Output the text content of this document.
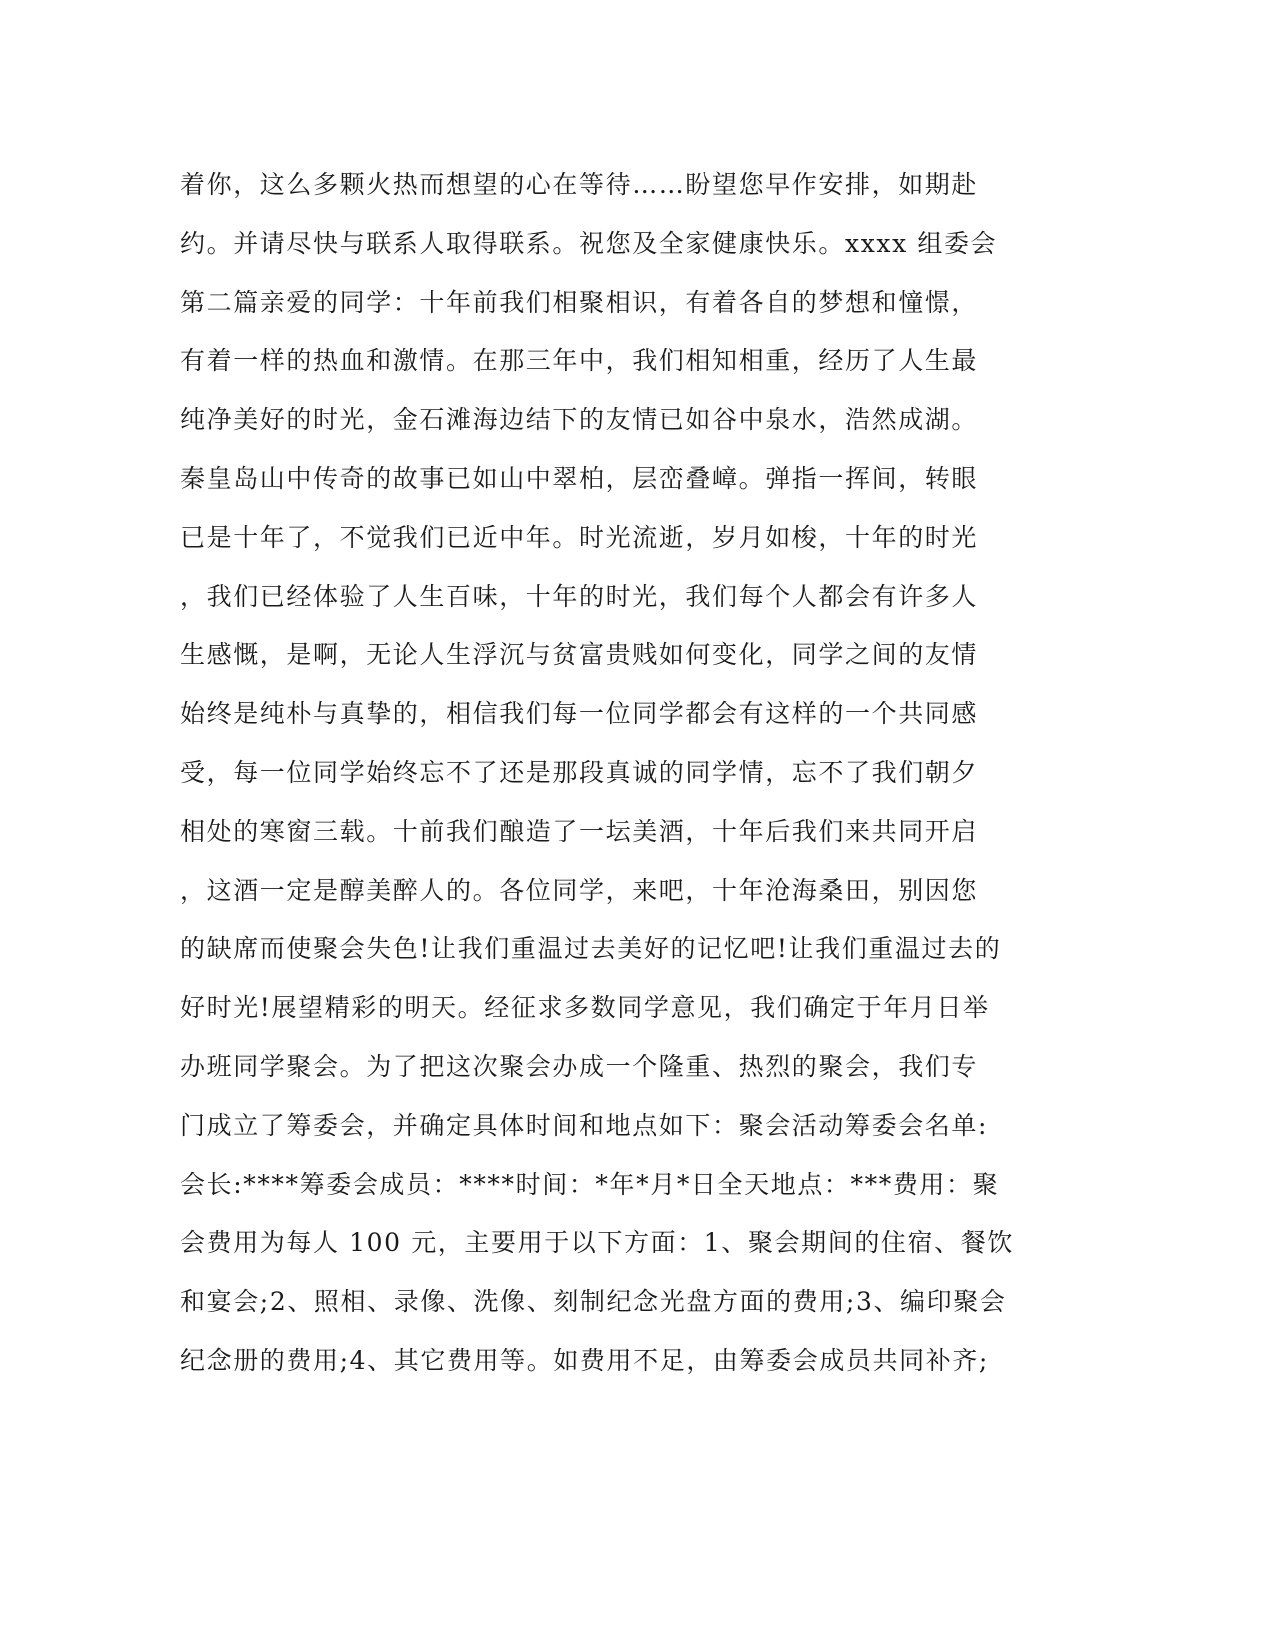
着你，这么多颗火热而想望的心在等待……盼望您早作安排，如期赴
约。并请尽快与联系人取得联系。祝您及全家健康快乐。xxxx 组委会
第二篇亲爱的同学：十年前我们相聚相识，有着各自的梦想和憧憬，
有着一样的热血和激情。在那三年中，我们相知相重，经历了人生最
纯净美好的时光，金石滩海边结下的友情已如谷中泉水，浩然成湖。
秦皇岛山中传奇的故事已如山中翠柏，层峦叠嶂。弹指一挥间，转眼
已是十年了，不觉我们已近中年。时光流逝，岁月如梭，十年的时光
，我们已经体验了人生百味，十年的时光，我们每个人都会有许多人
生感慨，是啊，无论人生浮沉与贫富贵贱如何变化，同学之间的友情
始终是纯朴与真挚的，相信我们每一位同学都会有这样的一个共同感
受，每一位同学始终忘不了还是那段真诚的同学情，忘不了我们朝夕
相处的寒窗三载。十前我们酿造了一坛美酒，十年后我们来共同开启
，这酒一定是醇美醉人的。各位同学，来吧，十年沧海桑田，别因您
的缺席而使聚会失色!让我们重温过去美好的记忆吧!让我们重温过去的
好时光!展望精彩的明天。经征求多数同学意见，我们确定于年月日举
办班同学聚会。为了把这次聚会办成一个隆重、热烈的聚会，我们专
门成立了筹委会，并确定具体时间和地点如下：聚会活动筹委会名单:
会长:****筹委会成员：****时间：*年*月*日全天地点：***费用：聚
会费用为每人 100 元，主要用于以下方面：1、聚会期间的住宿、餐饮
和宴会;2、照相、录像、洗像、刻制纪念光盘方面的费用;3、编印聚会
纪念册的费用;4、其它费用等。如费用不足，由筹委会成员共同补齐;
